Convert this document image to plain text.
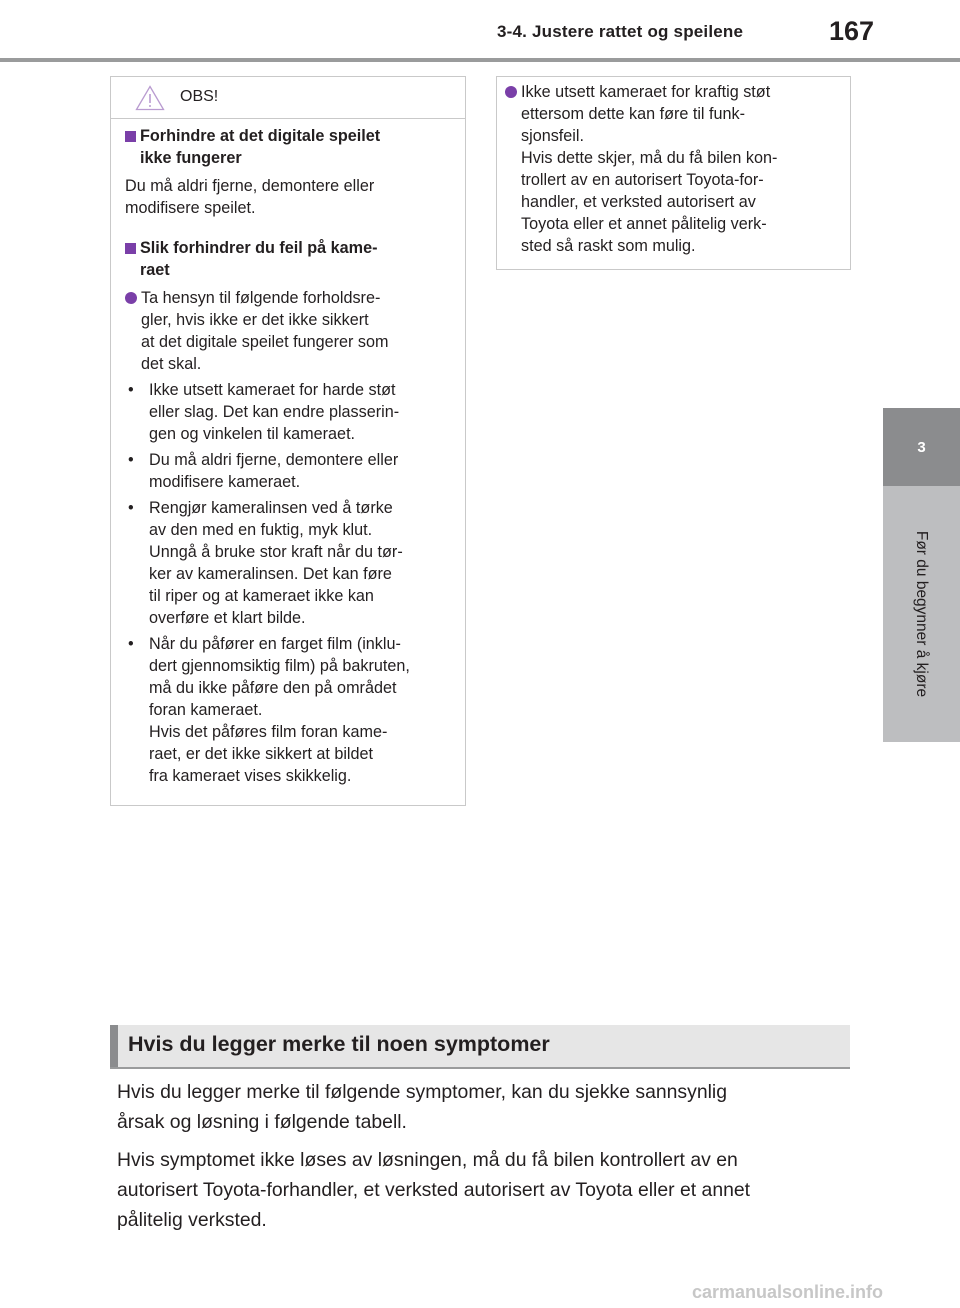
3-4. Justere rattet og speilene	167
3
Før du begynner å kjøre
OBS!
Forhindre at det digitale speilet
ikke fungerer
Du må aldri fjerne, demontere eller
modifisere speilet.
Slik forhindrer du feil på kame-
raet
Ta hensyn til følgende forholdsre-
gler, hvis ikke er det ikke sikkert
at det digitale speilet fungerer som
det skal.
• Ikke utsett kameraet for harde støt
eller slag. Det kan endre plasserin-
gen og vinkelen til kameraet.
• Du må aldri fjerne, demontere eller
modifisere kameraet.
• Rengjør kameralinsen ved å tørke
av den med en fuktig, myk klut.
Unngå å bruke stor kraft når du tør-
ker av kameralinsen. Det kan føre
til riper og at kameraet ikke kan
overføre et klart bilde.
• Når du påfører en farget film (inklu-
dert gjennomsiktig film) på bakruten,
må du ikke påføre den på området
foran kameraet.
Hvis det påføres film foran kame-
raet, er det ikke sikkert at bildet
fra kameraet vises skikkelig.
Ikke utsett kameraet for kraftig støt
ettersom dette kan føre til funk-
sjonsfeil.
Hvis dette skjer, må du få bilen kon-
trollert av en autorisert Toyota-for-
handler, et verksted autorisert av
Toyota eller et annet pålitelig verk-
sted så raskt som mulig.
Hvis du legger merke til noen symptomer
Hvis du legger merke til følgende symptomer, kan du sjekke sannsynlig
årsak og løsning i følgende tabell.
Hvis symptomet ikke løses av løsningen, må du få bilen kontrollert av en
autorisert Toyota-forhandler, et verksted autorisert av Toyota eller et annet
pålitelig verksted.
carmanualsonline.info
